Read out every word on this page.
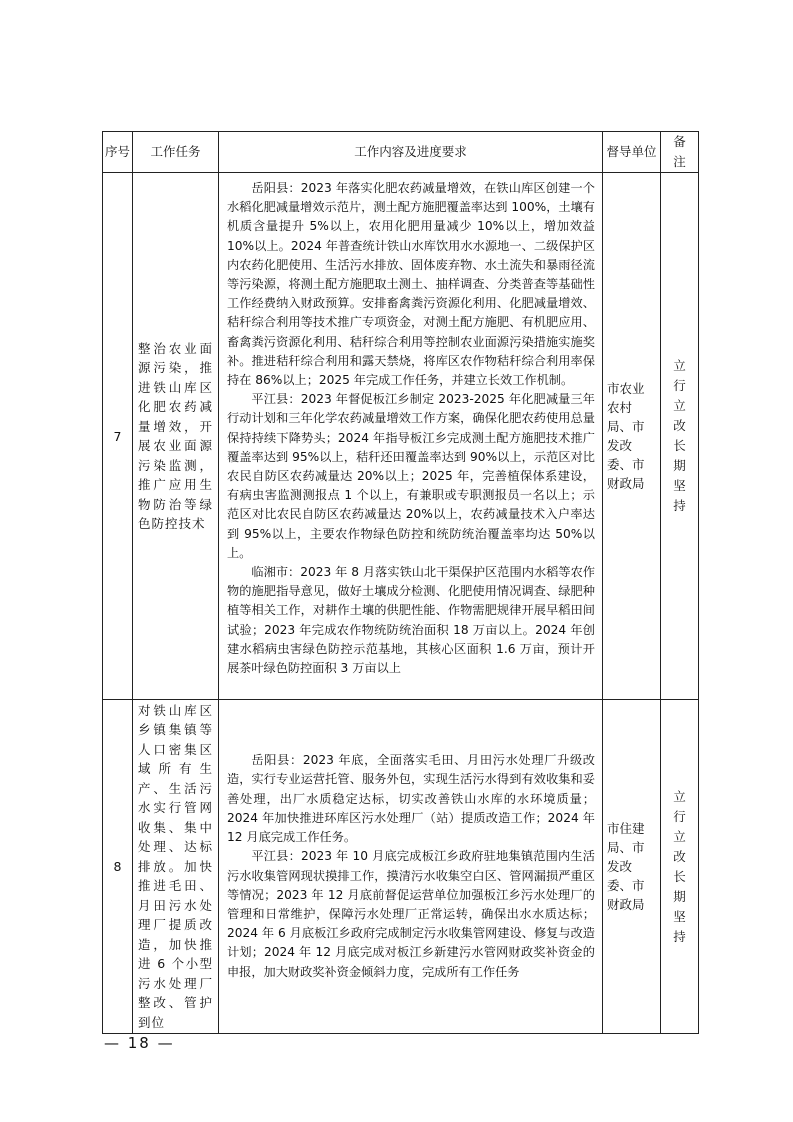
序号	工作任务	工作内容及进度要求	督导单位	备注
7	整治农业面源污染，推进铁山库区化肥农药减量增效，开展农业面源污染监测，推广应用生物防治等绿色防控技术	岳阳县：2023 年落实化肥农药减量增效，在铁山库区创建一个水稻化肥减量增效示范片，测土配方施肥覆盖率达到 100%，土壤有机质含量提升 5%以上，农用化肥用量减少 10%以上，增加效益 10%以上。2024 年普查统计铁山水库饮用水水源地一、二级保护区内农药化肥使用、生活污水排放、固体废弃物、水土流失和暴雨径流等污染源，将测土配方施肥取土测土、抽样调查、分类普查等基础性工作经费纳入财政预算。安排畜禽粪污资源化利用、化肥减量增效、秸秆综合利用等技术推广专项资金，对测土配方施肥、有机肥应用、畜禽粪污资源化利用、秸秆综合利用等控制农业面源污染措施实施奖补。推进秸秆综合利用和露天禁烧，将库区农作物秸秆综合利用率保持在 86%以上；2025 年完成工作任务，并建立长效工作机制。

平江县：2023 年督促板江乡制定 2023-2025 年化肥减量三年行动计划和三年化学农药减量增效工作方案，确保化肥农药使用总量保持持续下降势头；2024 年指导板江乡完成测土配方施肥技术推广覆盖率达到 95%以上，秸秆还田覆盖率达到 90%以上，示范区对比农民自防区农药减量达 20%以上；2025 年，完善植保体系建设，有病虫害监测测报点 1 个以上，有兼职或专职测报员一名以上；示范区对比农民自防区农药减量达 20%以上，农药减量技术入户率达到 95%以上，主要农作物绿色防控和统防统治覆盖率均达 50%以上。

临湘市：2023 年 8 月落实铁山北干渠保护区范围内水稻等农作物的施肥指导意见，做好土壤成分检测、化肥使用情况调查、绿肥种植等相关工作，对耕作土壤的供肥性能、作物需肥规律开展早稻田间试验；2023 年完成农作物统防统治面积 18 万亩以上。2024 年创建水稻病虫害绿色防控示范基地，其核心区面积 1.6 万亩，预计开展茶叶绿色防控面积 3 万亩以上	市农业农村局、市发改委、市财政局	立行立改长期坚持
8	对铁山库区乡镇集镇等人口密集区域所有生产、生活污水实行管网收集、集中处理、达标排放。加快推进毛田、月田污水处理厂提质改造，加快推进 6 个小型污水处理厂整改、管护到位	岳阳县：2023 年底，全面落实毛田、月田污水处理厂升级改造，实行专业运营托管、服务外包，实现生活污水得到有效收集和妥善处理，出厂水质稳定达标，切实改善铁山水库的水环境质量；2024 年加快推进环库区污水处理厂（站）提质改造工作；2024 年 12 月底完成工作任务。

平江县：2023 年 10 月底完成板江乡政府驻地集镇范围内生活污水收集管网现状摸排工作，摸清污水收集空白区、管网漏损严重区等情况；2023 年 12 月底前督促运营单位加强板江乡污水处理厂的管理和日常维护，保障污水处理厂正常运转，确保出水水质达标；2024 年 6 月底板江乡政府完成制定污水收集管网建设、修复与改造计划；2024 年 12 月底完成对板江乡新建污水管网财政奖补资金的申报，加大财政奖补资金倾斜力度，完成所有工作任务	市住建局、市发改委、市财政局	立行立改长期坚持
— 18 —
